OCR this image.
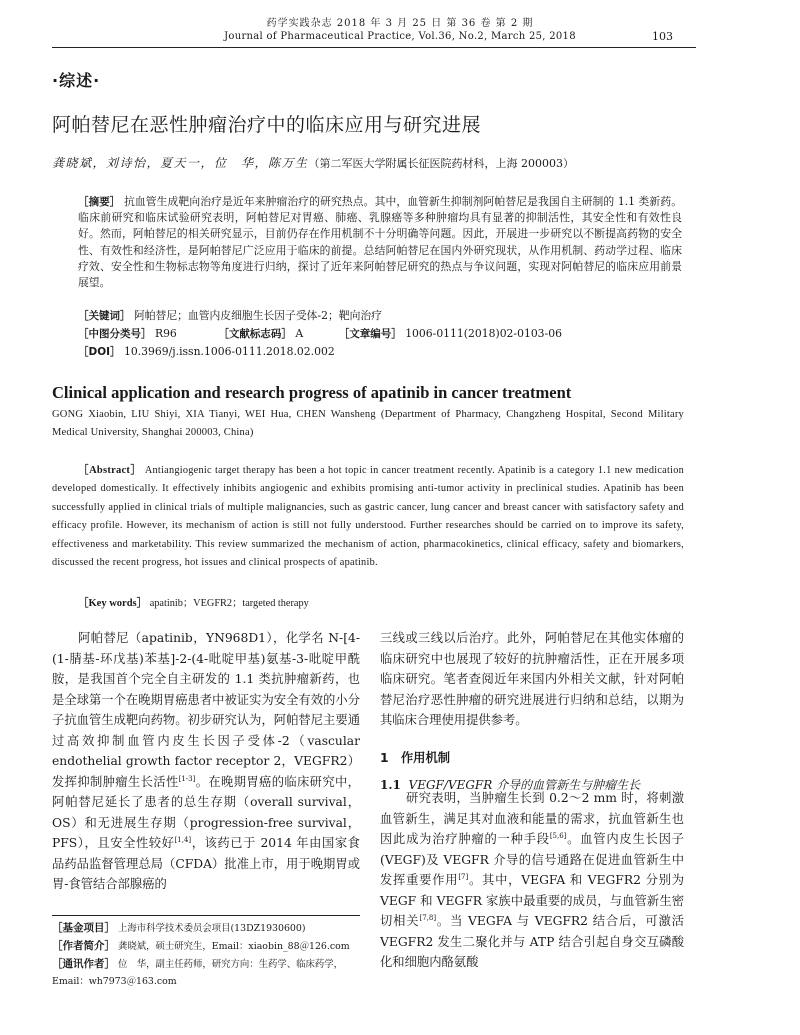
药学实践杂志 2018 年 3 月 25 日 第 36 卷 第 2 期
Journal of Pharmaceutical Practice, Vol.36, No.2, March 25, 2018	103
·综述·
阿帕替尼在恶性肿瘤治疗中的临床应用与研究进展
龚晓斌，刘诗怡，夏天一，位　华，陈万生（第二军医大学附属长征医院药材科，上海 200003）
［摘要］ 抗血管生成靶向治疗是近年来肿瘤治疗的研究热点。其中，血管新生抑制剂阿帕替尼是我国自主研制的 1.1 类新药。临床前研究和临床试验研究表明，阿帕替尼对胃癌、肺癌、乳腺癌等多种肿瘤均具有显著的抑制活性，其安全性和有效性良好。然而，阿帕替尼的相关研究显示，目前仍存在作用机制不十分明确等问题。因此，开展进一步研究以不断提高药物的安全性、有效性和经济性，是阿帕替尼广泛应用于临床的前提。总结阿帕替尼在国内外研究现状，从作用机制、药动学过程、临床疗效、安全性和生物标志物等角度进行归纳，探讨了近年来阿帕替尼研究的热点与争议问题，实现对阿帕替尼的临床应用前景展望。
［关键词］ 阿帕替尼；血管内皮细胞生长因子受体-2；靶向治疗
［中图分类号］ R96	［文献标志码］ A	［文章编号］ 1006-0111(2018)02-0103-06
［DOI］ 10.3969/j.issn.1006-0111.2018.02.002
Clinical application and research progress of apatinib in cancer treatment
GONG Xiaobin, LIU Shiyi, XIA Tianyi, WEI Hua, CHEN Wansheng (Department of Pharmacy, Changzheng Hospital, Second Military Medical University, Shanghai 200003, China)
［Abstract］ Antiangiogenic target therapy has been a hot topic in cancer treatment recently. Apatinib is a category 1.1 new medication developed domestically. It effectively inhibits angiogenic and exhibits promising anti-tumor activity in preclinical studies. Apatinib has been successfully applied in clinical trials of multiple malignancies, such as gastric cancer, lung cancer and breast cancer with satisfactory safety and efficacy profile. However, its mechanism of action is still not fully understood. Further researches should be carried on to improve its safety, effectiveness and marketability. This review summarized the mechanism of action, pharmacokinetics, clinical efficacy, safety and biomarkers, discussed the recent progress, hot issues and clinical prospects of apatinib.
［Key words］ apatinib；VEGFR2；targeted therapy
阿帕替尼（apatinib，YN968D1），化学名 N-[4-(1-腈基-环戊基)苯基]-2-(4-吡啶甲基)氨基-3-吡啶甲酰胺，是我国首个完全自主研发的 1.1 类抗肿瘤新药，也是全球第一个在晚期胃癌患者中被证实为安全有效的小分子抗血管生成靶向药物。初步研究认为，阿帕替尼主要通过高效抑制血管内皮生长因子受体-2（vascular endothelial growth factor receptor 2，VEGFR2）发挥抑制肿瘤生长活性[1-3]。在晚期胃癌的临床研究中，阿帕替尼延长了患者的总生存期（overall survival，OS）和无进展生存期（progression-free survival，PFS），且安全性较好[1,4]，该药已于 2014 年由国家食品药品监督管理总局（CFDA）批准上市，用于晚期胃或胃-食管结合部腺癌的
三线或三线以后治疗。此外，阿帕替尼在其他实体瘤的临床研究中也展现了较好的抗肿瘤活性，正在开展多项临床研究。笔者查阅近年来国内外相关文献，针对阿帕替尼治疗恶性肿瘤的研究进展进行归纳和总结，以期为其临床合理使用提供参考。
1　作用机制
1.1 VEGF/VEGFR 介导的血管新生与肿瘤生长
研究表明，当肿瘤生长到 0.2～2 mm 时，将刺激血管新生，满足其对血液和能量的需求，抗血管新生也因此成为治疗肿瘤的一种手段[5,6]。血管内皮生长因子(VEGF)及 VEGFR 介导的信号通路在促进血管新生中发挥重要作用[7]。其中，VEGFA 和 VEGFR2 分别为 VEGF 和 VEGFR 家族中最重要的成员，与血管新生密切相关[7,8]。当 VEGFA 与 VEGFR2 结合后，可激活 VEGFR2 发生二聚化并与 ATP 结合引起自身交互磷酸化和细胞内酪氨酸
［基金项目］ 上海市科学技术委员会项目(13DZ1930600)
［作者简介］ 龚晓斌，硕士研究生，Email：xiaobin_88＠126.com
［通讯作者］ 位　华，副主任药师，研究方向：生药学、临床药学，Email：wh7973＠163.com
